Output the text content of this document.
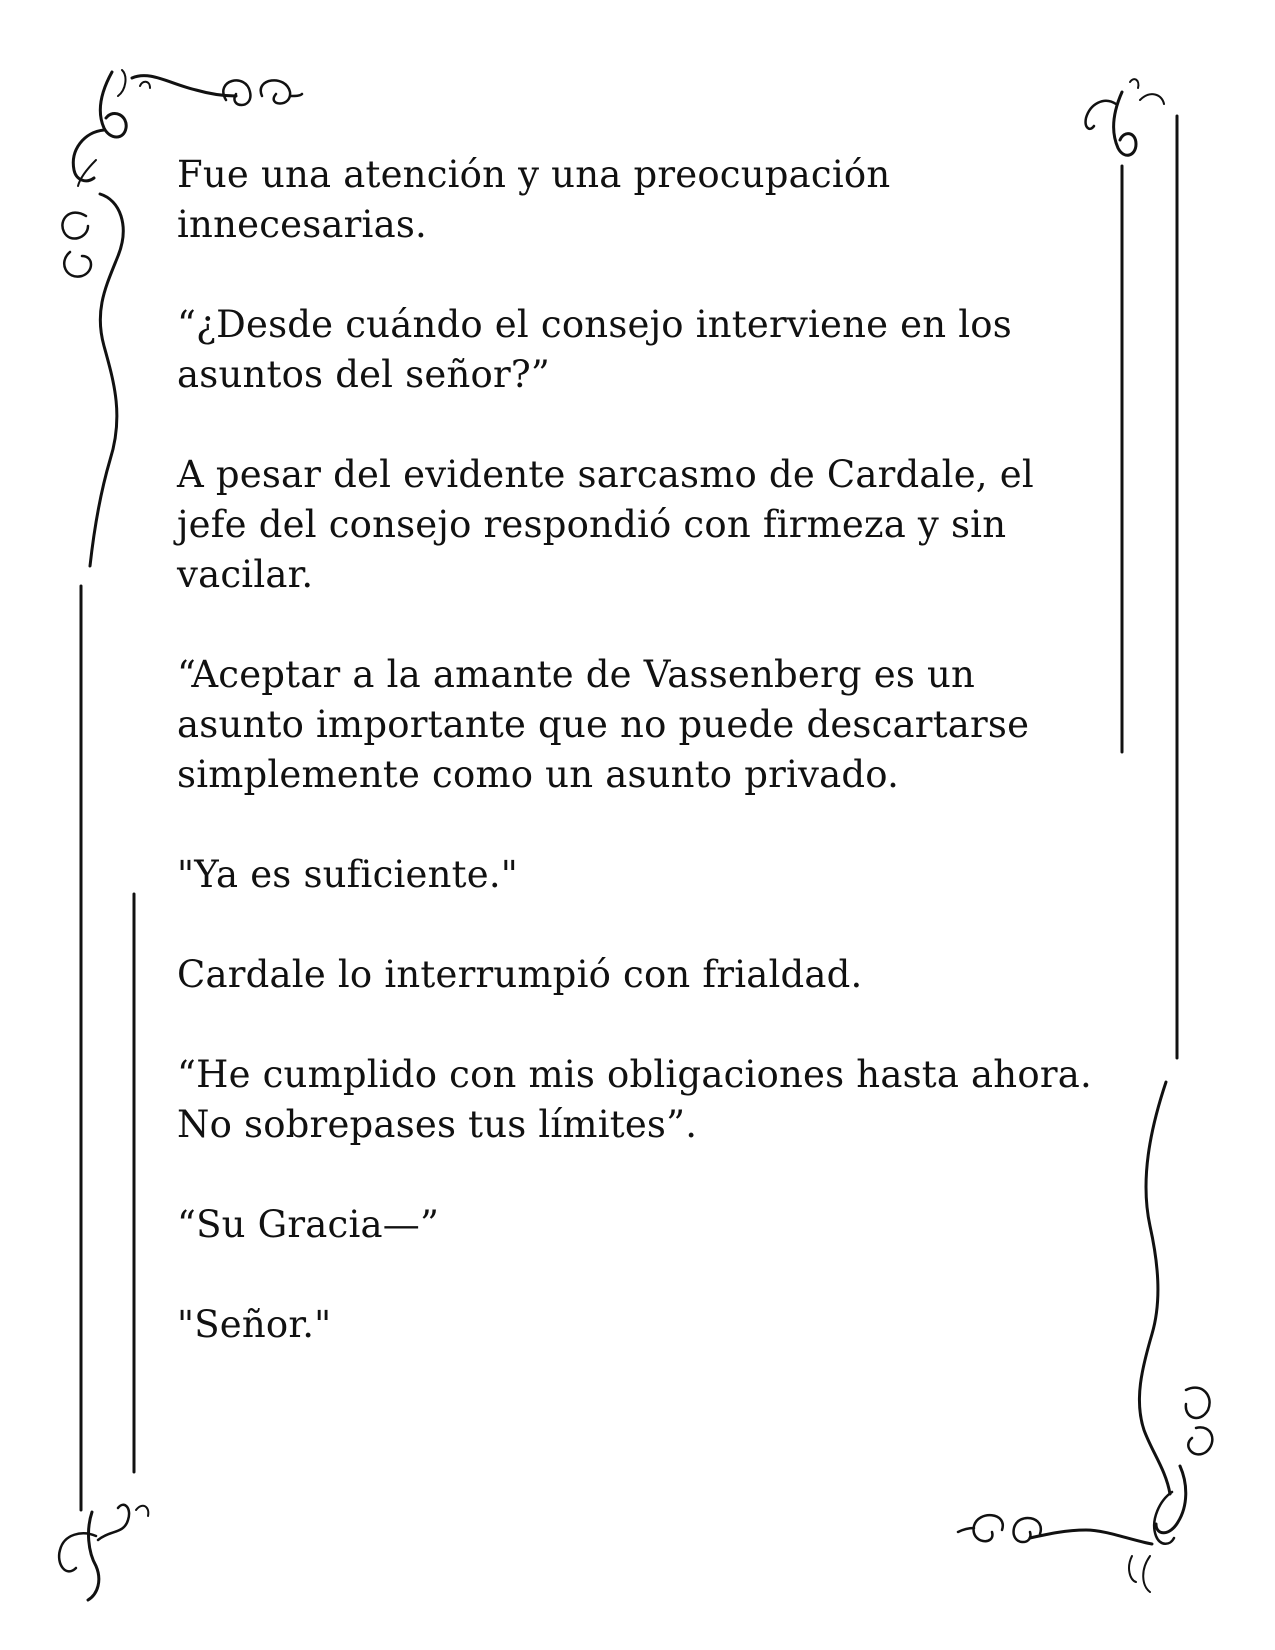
Fue una atención y una preocupación
innecesarias.

“¿Desde cuándo el consejo interviene en los
asuntos del señor?”

A pesar del evidente sarcasmo de Cardale, el
jefe del consejo respondió con firmeza y sin
vacilar.

“Aceptar a la amante de Vassenberg es un
asunto importante que no puede descartarse
simplemente como un asunto privado.

"Ya es suficiente."

Cardale lo interrumpió con frialdad.

“He cumplido con mis obligaciones hasta ahora.
No sobrepases tus límites”.

“Su Gracia—”

"Señor."
